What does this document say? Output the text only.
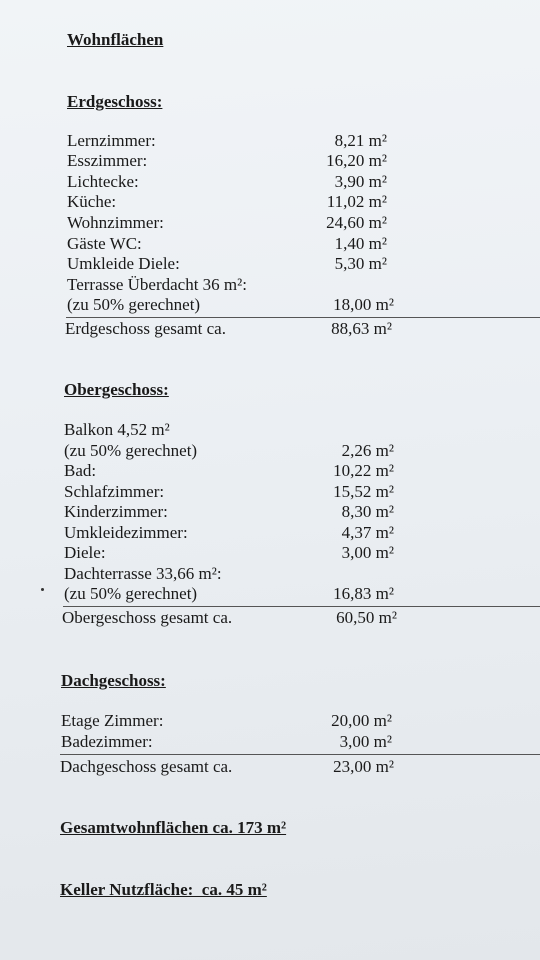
Wohnflächen
Erdgeschoss:
Lernzimmer:	8,21 m²
Esszimmer:	16,20 m²
Lichtecke:	3,90 m²
Küche:	11,02 m²
Wohnzimmer:	24,60 m²
Gäste WC:	1,40 m²
Umkleide Diele:	5,30 m²
Terrasse Überdacht 36 m²:
(zu 50% gerechnet)	18,00 m²
Erdgeschoss gesamt ca.	88,63 m²
Obergeschoss:
Balkon 4,52 m²
(zu 50% gerechnet)	2,26 m²
Bad:	10,22 m²
Schlafzimmer:	15,52 m²
Kinderzimmer:	8,30 m²
Umkleidezimmer:	4,37 m²
Diele:	3,00 m²
Dachterrasse 33,66 m²:
(zu 50% gerechnet)	16,83 m²
Obergeschoss gesamt ca.	60,50 m²
Dachgeschoss:
Etage Zimmer:	20,00 m²
Badezimmer:	3,00 m²
Dachgeschoss gesamt ca.	23,00 m²
Gesamtwohnflächen ca. 173 m²
Keller Nutzfläche:  ca. 45 m²
